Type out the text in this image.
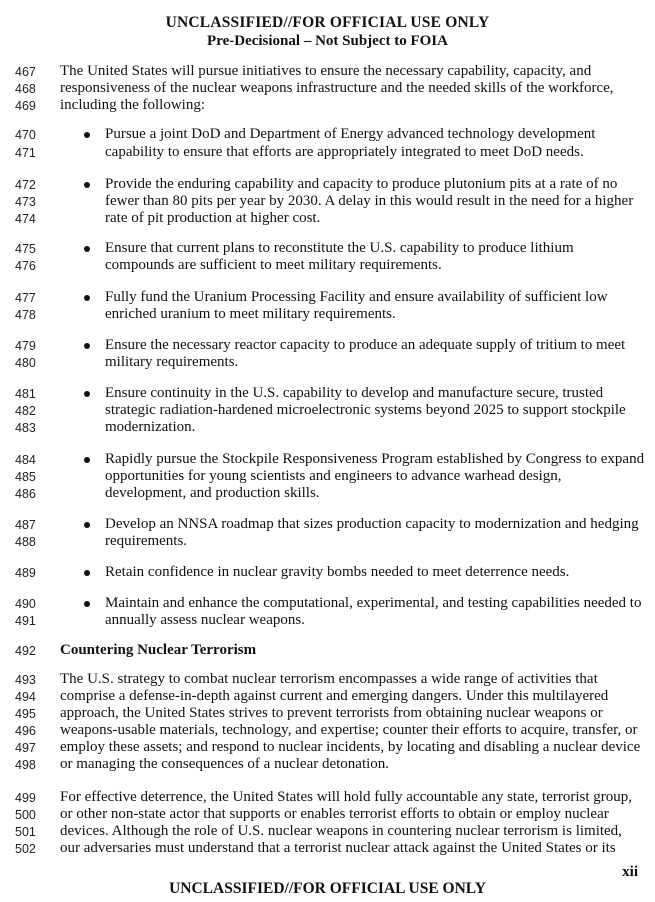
UNCLASSIFIED//FOR OFFICIAL USE ONLY
Pre-Decisional – Not Subject to FOIA
467	The United States will pursue initiatives to ensure the necessary capability, capacity, and
468	responsiveness of the nuclear weapons infrastructure and the needed skills of the workforce,
469	including the following:
470	Pursue a joint DoD and Department of Energy advanced technology development
471	capability to ensure that efforts are appropriately integrated to meet DoD needs.
472	Provide the enduring capability and capacity to produce plutonium pits at a rate of no
473	fewer than 80 pits per year by 2030. A delay in this would result in the need for a higher
474	rate of pit production at higher cost.
475	Ensure that current plans to reconstitute the U.S. capability to produce lithium
476	compounds are sufficient to meet military requirements.
477	Fully fund the Uranium Processing Facility and ensure availability of sufficient low
478	enriched uranium to meet military requirements.
479	Ensure the necessary reactor capacity to produce an adequate supply of tritium to meet
480	military requirements.
481	Ensure continuity in the U.S. capability to develop and manufacture secure, trusted
482	strategic radiation-hardened microelectronic systems beyond 2025 to support stockpile
483	modernization.
484	Rapidly pursue the Stockpile Responsiveness Program established by Congress to expand
485	opportunities for young scientists and engineers to advance warhead design,
486	development, and production skills.
487	Develop an NNSA roadmap that sizes production capacity to modernization and hedging
488	requirements.
489	Retain confidence in nuclear gravity bombs needed to meet deterrence needs.
490	Maintain and enhance the computational, experimental, and testing capabilities needed to
491	annually assess nuclear weapons.
492	Countering Nuclear Terrorism
493	The U.S. strategy to combat nuclear terrorism encompasses a wide range of activities that
494	comprise a defense-in-depth against current and emerging dangers. Under this multilayered
495	approach, the United States strives to prevent terrorists from obtaining nuclear weapons or
496	weapons-usable materials, technology, and expertise; counter their efforts to acquire, transfer, or
497	employ these assets; and respond to nuclear incidents, by locating and disabling a nuclear device
498	or managing the consequences of a nuclear detonation.
499	For effective deterrence, the United States will hold fully accountable any state, terrorist group,
500	or other non-state actor that supports or enables terrorist efforts to obtain or employ nuclear
501	devices. Although the role of U.S. nuclear weapons in countering nuclear terrorism is limited,
502	our adversaries must understand that a terrorist nuclear attack against the United States or its
xii
UNCLASSIFIED//FOR OFFICIAL USE ONLY
